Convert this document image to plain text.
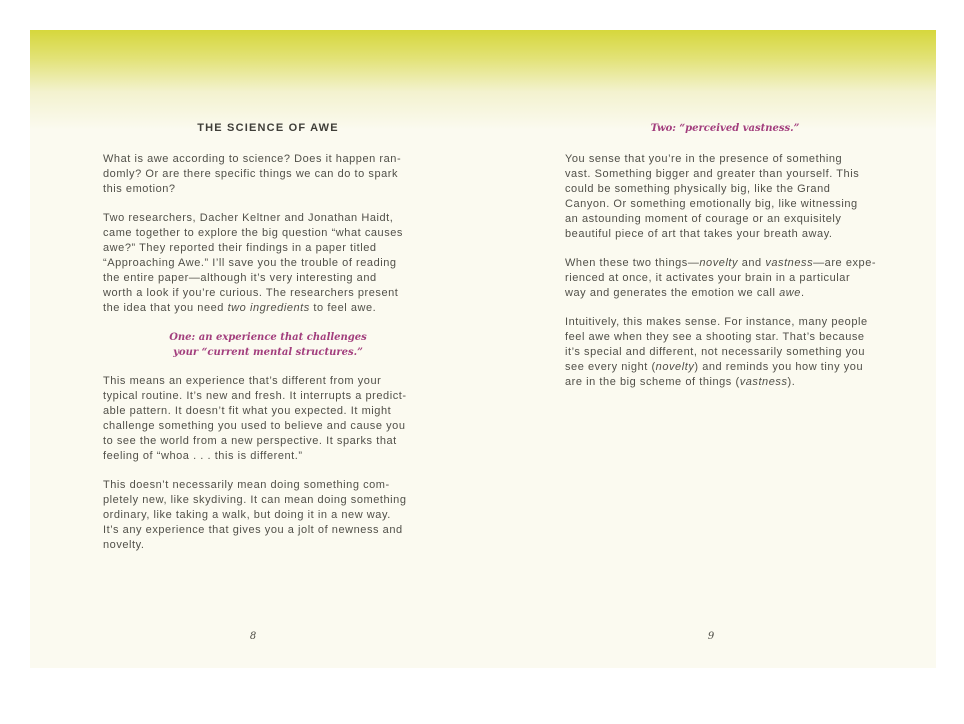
THE SCIENCE OF AWE
What is awe according to science? Does it happen ran-
domly? Or are there specific things we can do to spark
this emotion?
Two researchers, Dacher Keltner and Jonathan Haidt,
came together to explore the big question “what causes
awe?” They reported their findings in a paper titled
“Approaching Awe.” I’ll save you the trouble of reading
the entire paper—although it’s very interesting and
worth a look if you’re curious. The researchers present
the idea that you need two ingredients to feel awe.
One: an experience that challenges
your “current mental structures.”
This means an experience that’s different from your
typical routine. It’s new and fresh. It interrupts a predict-
able pattern. It doesn’t fit what you expected. It might
challenge something you used to believe and cause you
to see the world from a new perspective. It sparks that
feeling of “whoa . . . this is different.”
This doesn’t necessarily mean doing something com-
pletely new, like skydiving. It can mean doing something
ordinary, like taking a walk, but doing it in a new way.
It’s any experience that gives you a jolt of newness and
novelty.
8
Two: “perceived vastness.”
You sense that you’re in the presence of something
vast. Something bigger and greater than yourself. This
could be something physically big, like the Grand
Canyon. Or something emotionally big, like witnessing
an astounding moment of courage or an exquisitely
beautiful piece of art that takes your breath away.
When these two things—novelty and vastness—are expe-
rienced at once, it activates your brain in a particular
way and generates the emotion we call awe.
Intuitively, this makes sense. For instance, many people
feel awe when they see a shooting star. That’s because
it’s special and different, not necessarily something you
see every night (novelty) and reminds you how tiny you
are in the big scheme of things (vastness).
9
